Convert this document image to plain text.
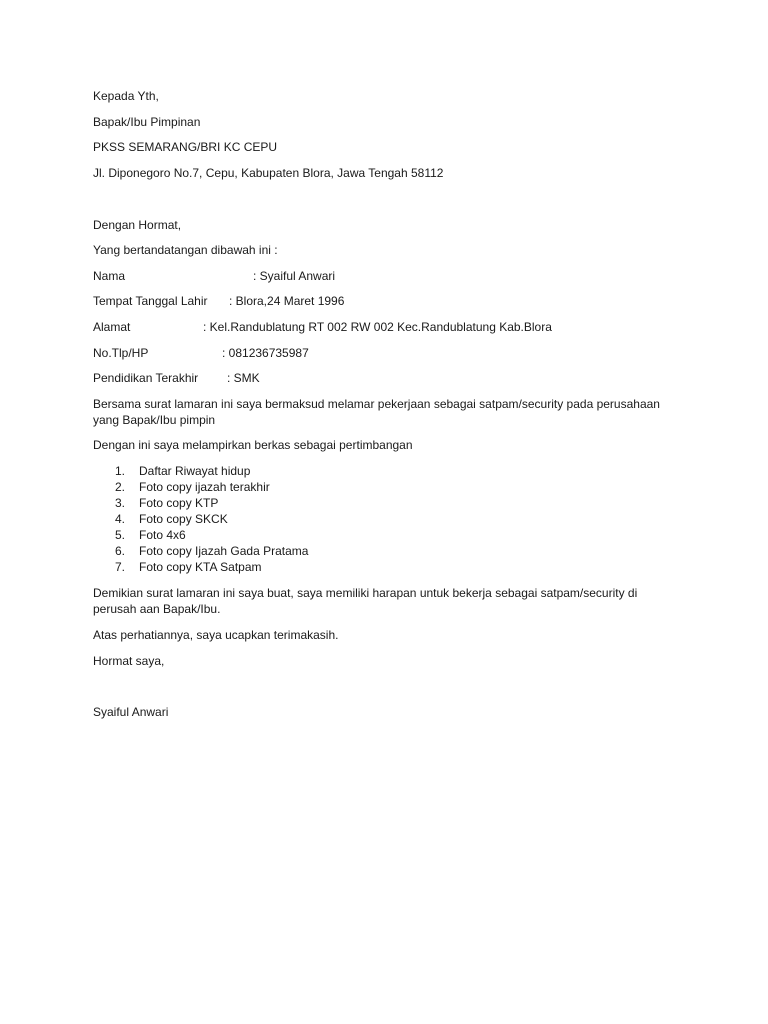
Kepada Yth,
Bapak/Ibu Pimpinan
PKSS SEMARANG/BRI KC CEPU
Jl. Diponegoro No.7, Cepu, Kabupaten Blora, Jawa Tengah 58112
Dengan Hormat,
Yang bertandatangan dibawah ini :
Nama	: Syaiful Anwari
Tempat Tanggal Lahir : Blora,24 Maret 1996
Alamat	: Kel.Randublatung RT 002 RW 002 Kec.Randublatung Kab.Blora
No.Tlp/HP	: 081236735987
Pendidikan Terakhir : SMK
Bersama surat lamaran ini saya bermaksud melamar pekerjaan sebagai satpam/security pada perusahaan yang Bapak/Ibu pimpin
Dengan ini saya melampirkan berkas sebagai pertimbangan
1. Daftar Riwayat hidup
2. Foto copy ijazah terakhir
3. Foto copy KTP
4. Foto copy SKCK
5. Foto 4x6
6. Foto copy Ijazah Gada Pratama
7. Foto copy KTA Satpam
Demikian surat lamaran ini saya buat, saya memiliki harapan untuk bekerja sebagai satpam/security di perusah aan Bapak/Ibu.
Atas perhatiannya, saya ucapkan terimakasih.
Hormat saya,
Syaiful Anwari
